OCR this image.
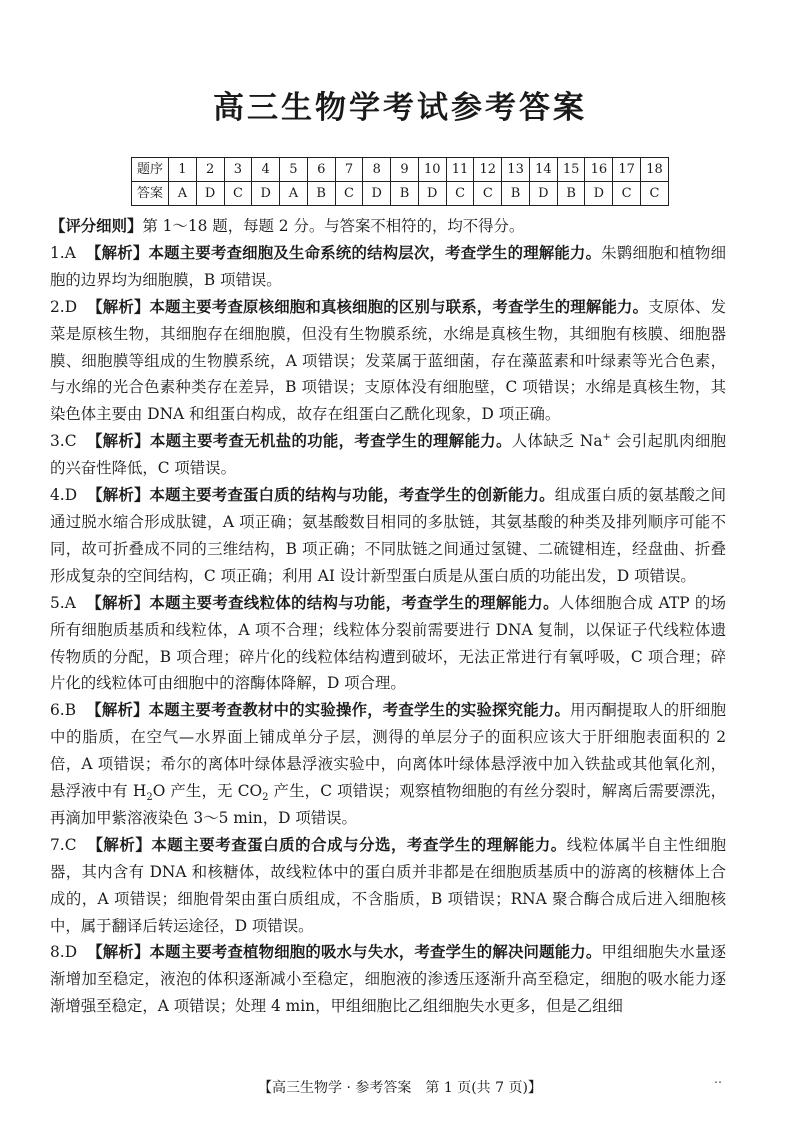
高三生物学考试参考答案
题序	1	2	3	4	5	6	7	8	9	10	11	12	13	14	15	16	17	18
答案	A	D	C	D	A	B	C	D	B	D	C	C	B	D	B	D	C	C

【评分细则】第 1～18 题，每题 2 分。与答案不相符的，均不得分。

1.A 【解析】本题主要考查细胞及生命系统的结构层次，考查学生的理解能力。朱鹮细胞和植物细胞的边界均为细胞膜，B 项错误。

2.D 【解析】本题主要考查原核细胞和真核细胞的区别与联系，考查学生的理解能力。支原体、发菜是原核生物，其细胞存在细胞膜，但没有生物膜系统，水绵是真核生物，其细胞有核膜、细胞器膜、细胞膜等组成的生物膜系统，A 项错误；发菜属于蓝细菌，存在藻蓝素和叶绿素等光合色素，与水绵的光合色素种类存在差异，B 项错误；支原体没有细胞壁，C 项错误；水绵是真核生物，其染色体主要由 DNA 和组蛋白构成，故存在组蛋白乙酰化现象，D 项正确。

3.C 【解析】本题主要考查无机盐的功能，考查学生的理解能力。人体缺乏 Na+ 会引起肌肉细胞的兴奋性降低，C 项错误。

4.D 【解析】本题主要考查蛋白质的结构与功能，考查学生的创新能力。组成蛋白质的氨基酸之间通过脱水缩合形成肽键，A 项正确；氨基酸数目相同的多肽链，其氨基酸的种类及排列顺序可能不同，故可折叠成不同的三维结构，B 项正确；不同肽链之间通过氢键、二硫键相连，经盘曲、折叠形成复杂的空间结构，C 项正确；利用 AI 设计新型蛋白质是从蛋白质的功能出发，D 项错误。

5.A 【解析】本题主要考查线粒体的结构与功能，考查学生的理解能力。人体细胞合成 ATP 的场所有细胞质基质和线粒体，A 项不合理；线粒体分裂前需要进行 DNA 复制，以保证子代线粒体遗传物质的分配，B 项合理；碎片化的线粒体结构遭到破坏，无法正常进行有氧呼吸，C 项合理；碎片化的线粒体可由细胞中的溶酶体降解，D 项合理。

6.B 【解析】本题主要考查教材中的实验操作，考查学生的实验探究能力。用丙酮提取人的肝细胞中的脂质，在空气—水界面上铺成单分子层，测得的单层分子的面积应该大于肝细胞表面积的 2 倍，A 项错误；希尔的离体叶绿体悬浮液实验中，向离体叶绿体悬浮液中加入铁盐或其他氧化剂，悬浮液中有 $H_2O$ 产生，无 $CO_2$ 产生，C 项错误；观察植物细胞的有丝分裂时，解离后需要漂洗，再滴加甲紫溶液染色 3～5 min，D 项错误。

7.C 【解析】本题主要考查蛋白质的合成与分选，考查学生的理解能力。线粒体属半自主性细胞器，其内含有 DNA 和核糖体，故线粒体中的蛋白质并非都是在细胞质基质中的游离的核糖体上合成的，A 项错误；细胞骨架由蛋白质组成，不含脂质，B 项错误；RNA 聚合酶合成后进入细胞核中，属于翻译后转运途径，D 项错误。

8.D 【解析】本题主要考查植物细胞的吸水与失水，考查学生的解决问题能力。甲组细胞失水量逐渐增加至稳定，液泡的体积逐渐减小至稳定，细胞液的渗透压逐渐升高至稳定，细胞的吸水能力逐渐增强至稳定，A 项错误；处理 4 min，甲组细胞比乙组细胞失水更多，但是乙组细

【高三生物学 · 参考答案　第 1 页(共 7 页)】
‥
